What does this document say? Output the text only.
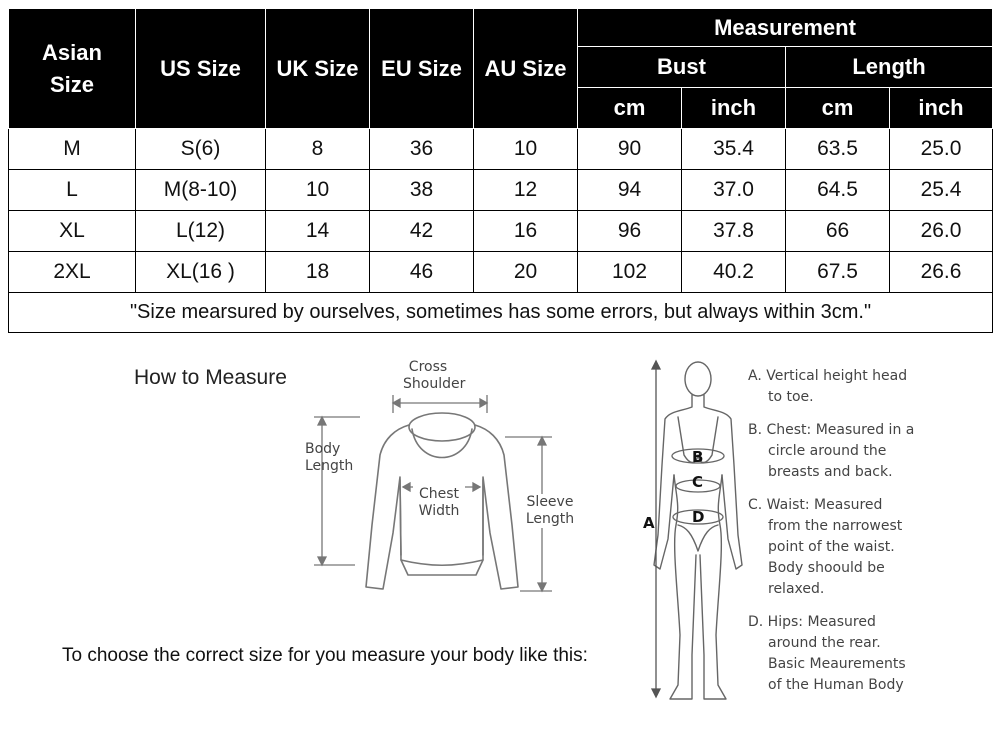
Asian Size	US Size	UK Size	EU Size	AU Size	Measurement			
					Bust		Length	
					cm	inch	cm	inch
M	S(6)	8	36	10	90	35.4	63.5	25.0
L	M(8-10)	10	38	12	94	37.0	64.5	25.4
XL	L(12)	14	42	16	96	37.8	66	26.0
2XL	XL(16 )	18	46	20	102	40.2	67.5	26.6
"Size mearsured by ourselves, sometimes has some errors, but always within 3cm."								
How to Measure
To choose the correct size for you measure your body like this:
Cross
Shoulder
Body
Length
Chest
Width
Sleeve
Length	A
B
C
D
A. Vertical height head
to toe.
B. Chest: Measured in a
circle around the
breasts and back.
C. Waist: Measured
from the narrowest
point of the waist.
Body shoould be
relaxed.
D. Hips: Measured
around the rear.
Basic Meaurements
of the Human Body
